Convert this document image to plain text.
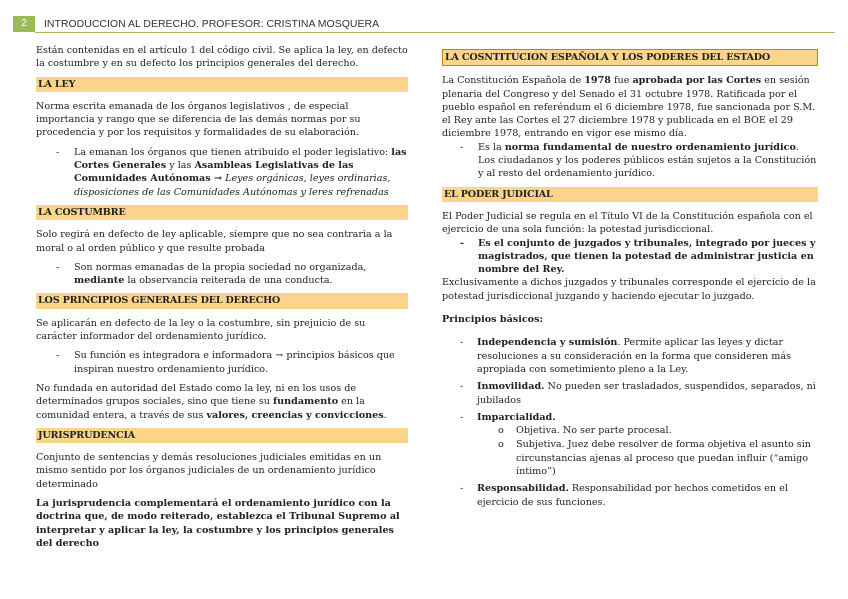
2	INTRODUCCION AL DERECHO. PROFESOR: CRISTINA MOSQUERA

Están contenidas en el artículo 1 del código civil. Se aplica la ley, en defecto la costumbre y en su defecto los principios generales del derecho.

LA LEY

Norma escrita emanada de los órganos legislativos , de especial importancia y rango que se diferencia de las demás normas por su procedencia y por los requisitos y formalidades de su elaboración.

- La emanan los órganos que tienen atribuido el poder legislativo: las Cortes Generales y las Asambleas Legislativas de las Comunidades Autónomas → Leyes orgánicas, leyes ordinarias, disposiciones de las Comunidades Autónomas y leres refrenadas
LA COSTUMBRE

Solo regirá en defecto de ley aplicable, siempre que no sea contraria a la moral o al orden público y que resulte probada

- Son normas emanadas de la propia sociedad no organizada, mediante la observancia reiterada de una conducta.
LOS PRINCIPIOS GENERALES DEL DERECHO

Se aplicarán en defecto de la ley o la costumbre, sin prejuicio de su carácter informador del ordenamiento jurídico.

- Su función es integradora e informadora → principios básicos que inspiran nuestro ordenamiento jurídico.

No fundada en autoridad del Estado como la ley, ni en los usos de determinados grupos sociales, sino que tiene su fundamento en la comunidad entera, a través de sus valores, creencias y convicciones.

JURISPRUDENCIA

Conjunto de sentencias y demás resoluciones judiciales emitidas en un mismo sentido por los órganos judiciales de un ordenamiento jurídico determinado

La jurisprudencia complementará el ordenamiento jurídico con la doctrina que, de modo reiterado, establezca el Tribunal Supremo al interpretar y aplicar la ley, la costumbre y los principios generales del derecho

LA COSNTITUCION ESPAÑOLA Y LOS PODERES DEL ESTADO

La Constitución Española de 1978 fue aprobada por las Cortes en sesión plenaria del Congreso y del Senado el 31 octubre 1978. Ratificada por el pueblo español en referéndum el 6 diciembre 1978, fue sancionada por S.M. el Rey ante las Cortes el 27 diciembre 1978 y publicada en el BOE el 29 diciembre 1978, entrando en vigor ese mismo día.

- Es la norma fundamental de nuestro ordenamiento jurídico. Los ciudadanos y los poderes públicos están sujetos a la Constitución y al resto del ordenamiento jurídico.
EL PODER JUDICIAL

El Poder Judicial se regula en el Título VI de la Constitución española con el ejercicio de una sola función: la potestad jurisdiccional.

- Es el conjunto de juzgados y tribunales, integrado por jueces y magistrados, que tienen la potestad de administrar justicia en nombre del Rey.

Exclusivamente a dichos juzgados y tribunales corresponde el ejercicio de la potestad jurisdiccional juzgando y haciendo ejecutar lo juzgado.

Principios básicos:
- Independencia y sumisión. Permite aplicar las leyes y dictar resoluciones a su consideración en la forma que consideren más apropiada con sometimiento pleno a la Ley.
- Inmovilidad. No pueden ser trasladados, suspendidos, separados, ni jubilados
- Imparcialidad.
o Objetiva. No ser parte procesal.
o Subjetiva. Juez debe resolver de forma objetiva el asunto sin circunstancias ajenas al proceso que puedan influir (“amigo íntimo”)
- Responsabilidad. Responsabilidad por hechos cometidos en el ejercicio de sus funciones.
